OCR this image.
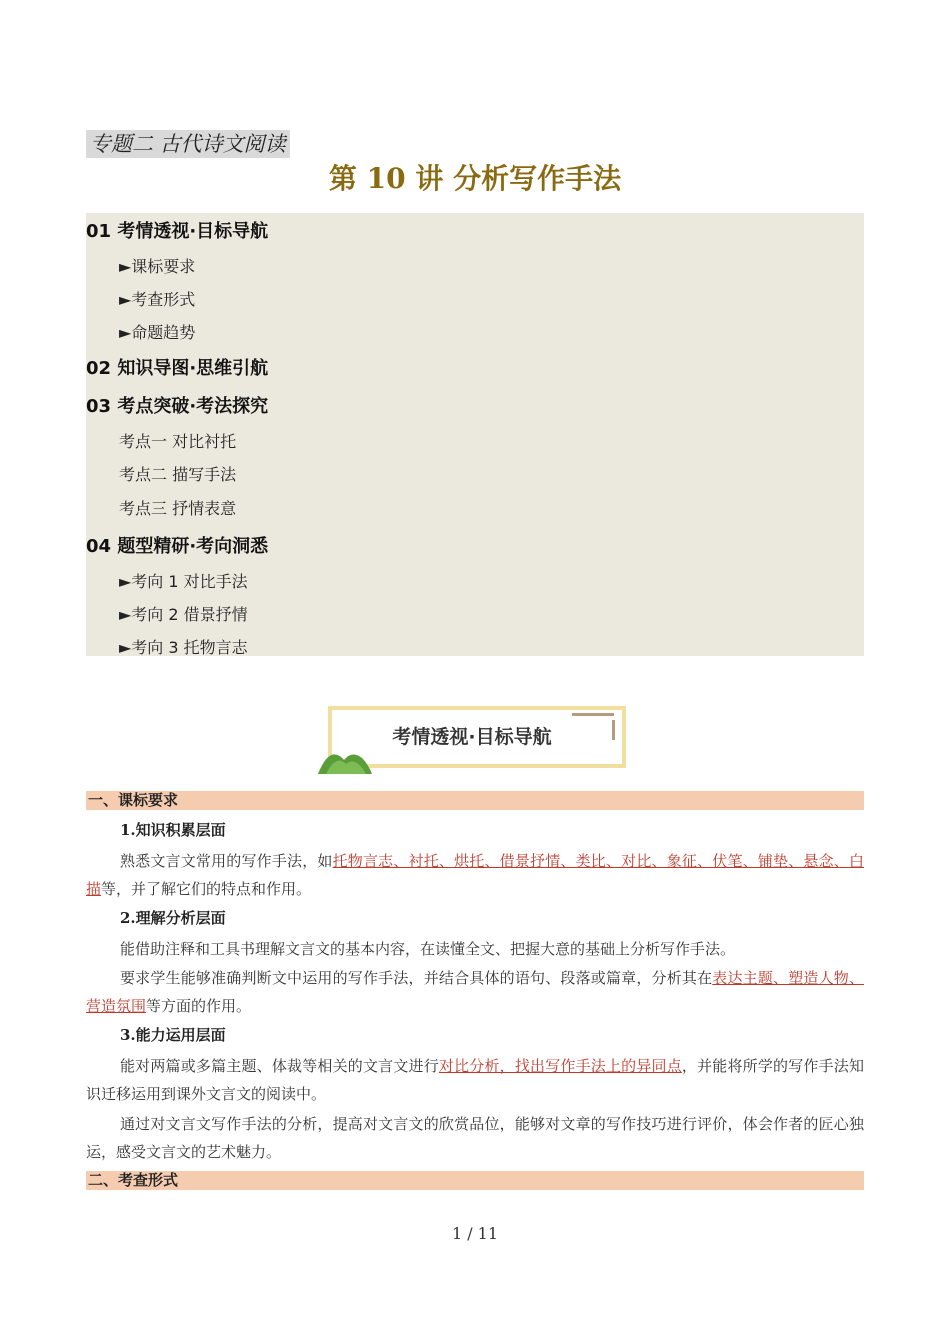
专题二 古代诗文阅读
第 10 讲 分析写作手法
01 考情透视·目标导航
►课标要求
►考查形式
►命题趋势
02 知识导图·思维引航
03 考点突破·考法探究
考点一 对比衬托
考点二 描写手法
考点三 抒情表意
04 题型精研·考向洞悉
►考向 1 对比手法
►考向 2 借景抒情
►考向 3 托物言志
考情透视·目标导航
一、课标要求
1.知识积累层面
熟悉文言文常用的写作手法，如托物言志、衬托、烘托、借景抒情、类比、对比、象征、伏笔、铺垫、悬念、白描等，并了解它们的特点和作用。
2.理解分析层面
能借助注释和工具书理解文言文的基本内容，在读懂全文、把握大意的基础上分析写作手法。
要求学生能够准确判断文中运用的写作手法，并结合具体的语句、段落或篇章，分析其在表达主题、塑造人物、营造氛围等方面的作用。
3.能力运用层面
能对两篇或多篇主题、体裁等相关的文言文进行对比分析，找出写作手法上的异同点，并能将所学的写作手法知识迁移运用到课外文言文的阅读中。
通过对文言文写作手法的分析，提高对文言文的欣赏品位，能够对文章的写作技巧进行评价，体会作者的匠心独运，感受文言文的艺术魅力。
二、考查形式
1 / 11
